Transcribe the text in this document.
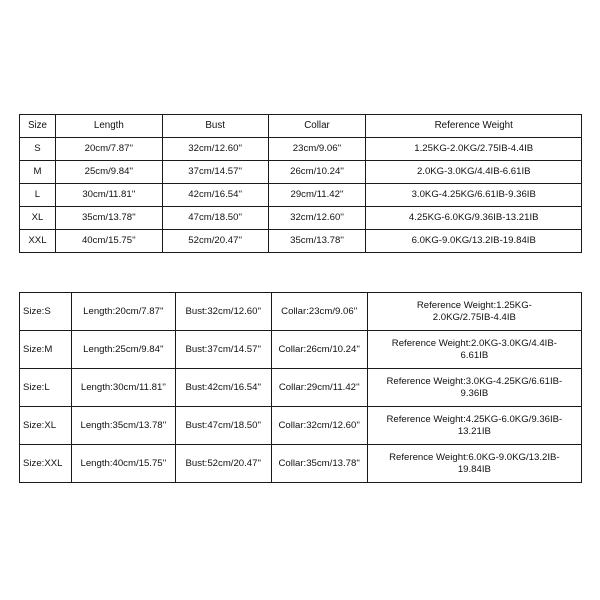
Size	Length	Bust	Collar	Reference Weight
S	20cm/7.87''	32cm/12.60''	23cm/9.06''	1.25KG-2.0KG/2.75IB-4.4IB
M	25cm/9.84''	37cm/14.57''	26cm/10.24''	2.0KG-3.0KG/4.4IB-6.61IB
L	30cm/11.81''	42cm/16.54''	29cm/11.42''	3.0KG-4.25KG/6.61IB-9.36IB
XL	35cm/13.78''	47cm/18.50''	32cm/12.60''	4.25KG-6.0KG/9.36IB-13.21IB
XXL	40cm/15.75''	52cm/20.47''	35cm/13.78''	6.0KG-9.0KG/13.2IB-19.84IB
Size:S	Length:20cm/7.87''	Bust:32cm/12.60''	Collar:23cm/9.06''	Reference Weight:1.25KG-
2.0KG/2.75IB-4.4IB

Size:M	Length:25cm/9.84''	Bust:37cm/14.57''	Collar:26cm/10.24''	Reference Weight:2.0KG-3.0KG/4.4IB-
6.61IB

Size:L	Length:30cm/11.81''	Bust:42cm/16.54''	Collar:29cm/11.42''	Reference Weight:3.0KG-4.25KG/6.61IB-
9.36IB

Size:XL	Length:35cm/13.78''	Bust:47cm/18.50''	Collar:32cm/12.60''	Reference Weight:4.25KG-6.0KG/9.36IB-
13.21IB

Size:XXL	Length:40cm/15.75''	Bust:52cm/20.47''	Collar:35cm/13.78''	Reference Weight:6.0KG-9.0KG/13.2IB-
19.84IB
